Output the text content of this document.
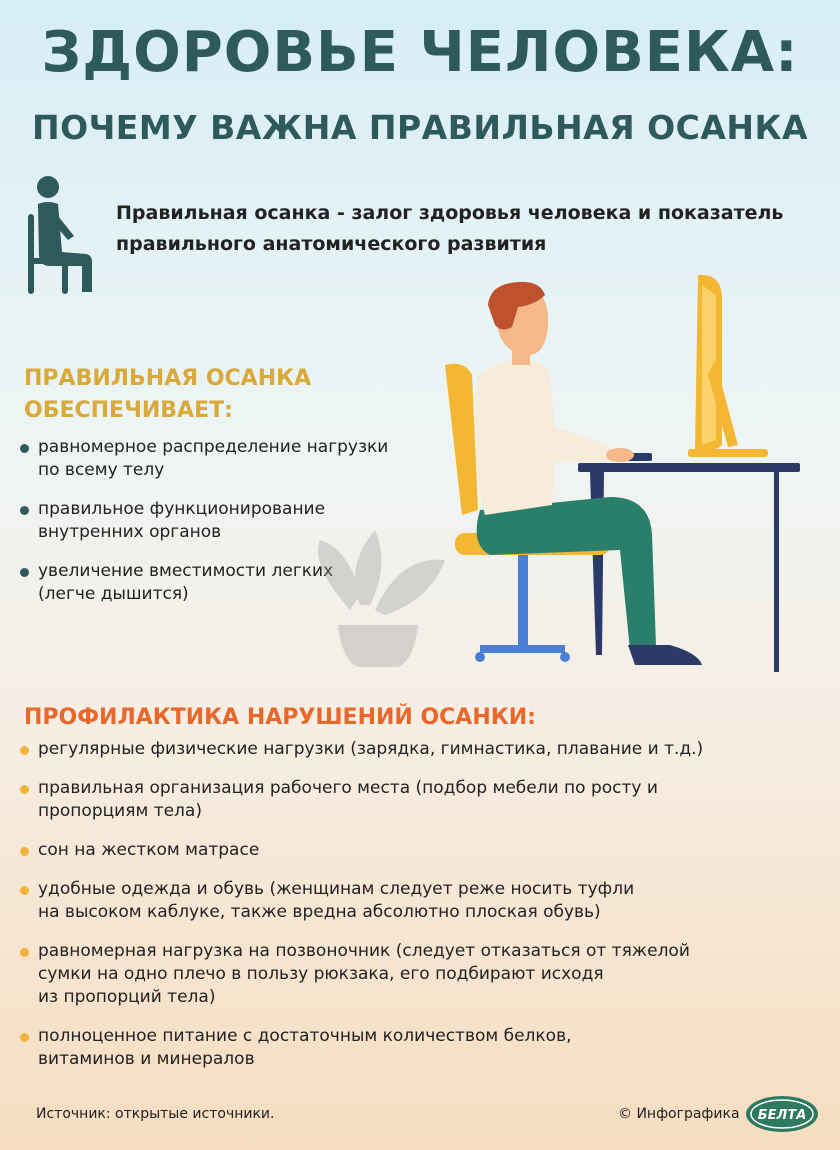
ЗДОРОВЬЕ ЧЕЛОВЕКА:
ПОЧЕМУ ВАЖНА ПРАВИЛЬНАЯ ОСАНКА
Правильная осанка - залог здоровья человека и показатель
правильного анатомического развития
ПРАВИЛЬНАЯ ОСАНКА
ОБЕСПЕЧИВАЕТ:
равномерное распределение нагрузки
по всему телу
правильное функционирование
внутренних органов
увеличение вместимости легких
(легче дышится)
ПРОФИЛАКТИКА НАРУШЕНИЙ ОСАНКИ:
регулярные физические нагрузки (зарядка, гимнастика, плавание и т.д.)
правильная организация рабочего места (подбор мебели по росту и
пропорциям тела)
сон на жестком матрасе
удобные одежда и обувь (женщинам следует реже носить туфли
на высоком каблуке, также вредна абсолютно плоская обувь)
равномерная нагрузка на позвоночник (следует отказаться от тяжелой
сумки на одно плечо в пользу рюкзака, его подбирают исходя
из пропорций тела)
полноценное питание с достаточным количеством белков,
витаминов и минералов
Источник: открытые источники.	© Инфографика БЕЛТА
